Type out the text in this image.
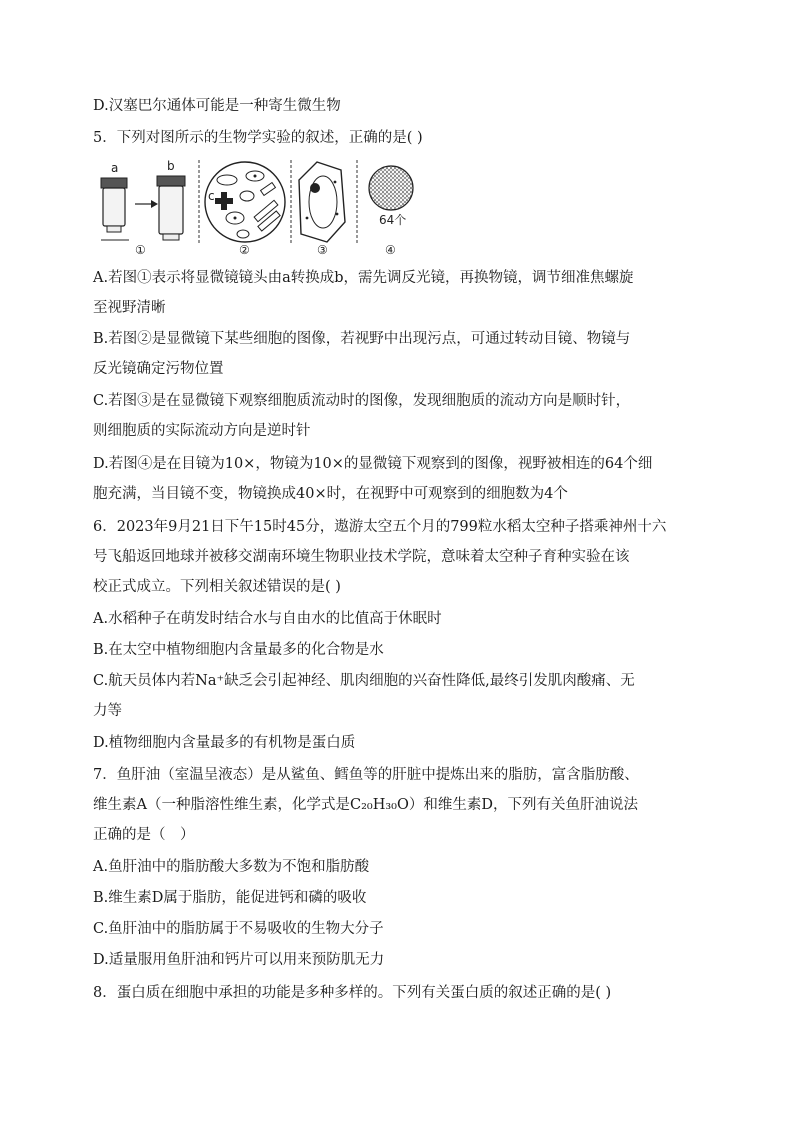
D.汉塞巴尔通体可能是一种寄生微生物
5．下列对图所示的生物学实验的叙述，正确的是( )
a	b
①
c
②	③
64个
④
A.若图①表示将显微镜镜头由a转换成b，需先调反光镜，再换物镜，调节细准焦螺旋
至视野清晰
B.若图②是显微镜下某些细胞的图像，若视野中出现污点，可通过转动目镜、物镜与
反光镜确定污物位置
C.若图③是在显微镜下观察细胞质流动时的图像，发现细胞质的流动方向是顺时针，
则细胞质的实际流动方向是逆时针
D.若图④是在目镜为10×，物镜为10×的显微镜下观察到的图像，视野被相连的64个细
胞充满，当目镜不变，物镜换成40×时，在视野中可观察到的细胞数为4个
6．2023年9月21日下午15时45分，遨游太空五个月的799粒水稻太空种子搭乘神州十六
号飞船返回地球并被移交湖南环境生物职业技术学院，意味着太空种子育种实验在该
校正式成立。下列相关叙述错误的是( )
A.水稻种子在萌发时结合水与自由水的比值高于休眠时
B.在太空中植物细胞内含量最多的化合物是水
C.航天员体内若Na⁺缺乏会引起神经、肌肉细胞的兴奋性降低,最终引发肌肉酸痛、无
力等
D.植物细胞内含量最多的有机物是蛋白质
7．鱼肝油（室温呈液态）是从鲨鱼、鳕鱼等的肝脏中提炼出来的脂肪，富含脂肪酸、
维生素A（一种脂溶性维生素，化学式是C₂₀H₃₀O）和维生素D，下列有关鱼肝油说法
正确的是（　）
A.鱼肝油中的脂肪酸大多数为不饱和脂肪酸
B.维生素D属于脂肪，能促进钙和磷的吸收
C.鱼肝油中的脂肪属于不易吸收的生物大分子
D.适量服用鱼肝油和钙片可以用来预防肌无力
8．蛋白质在细胞中承担的功能是多种多样的。下列有关蛋白质的叙述正确的是( )
